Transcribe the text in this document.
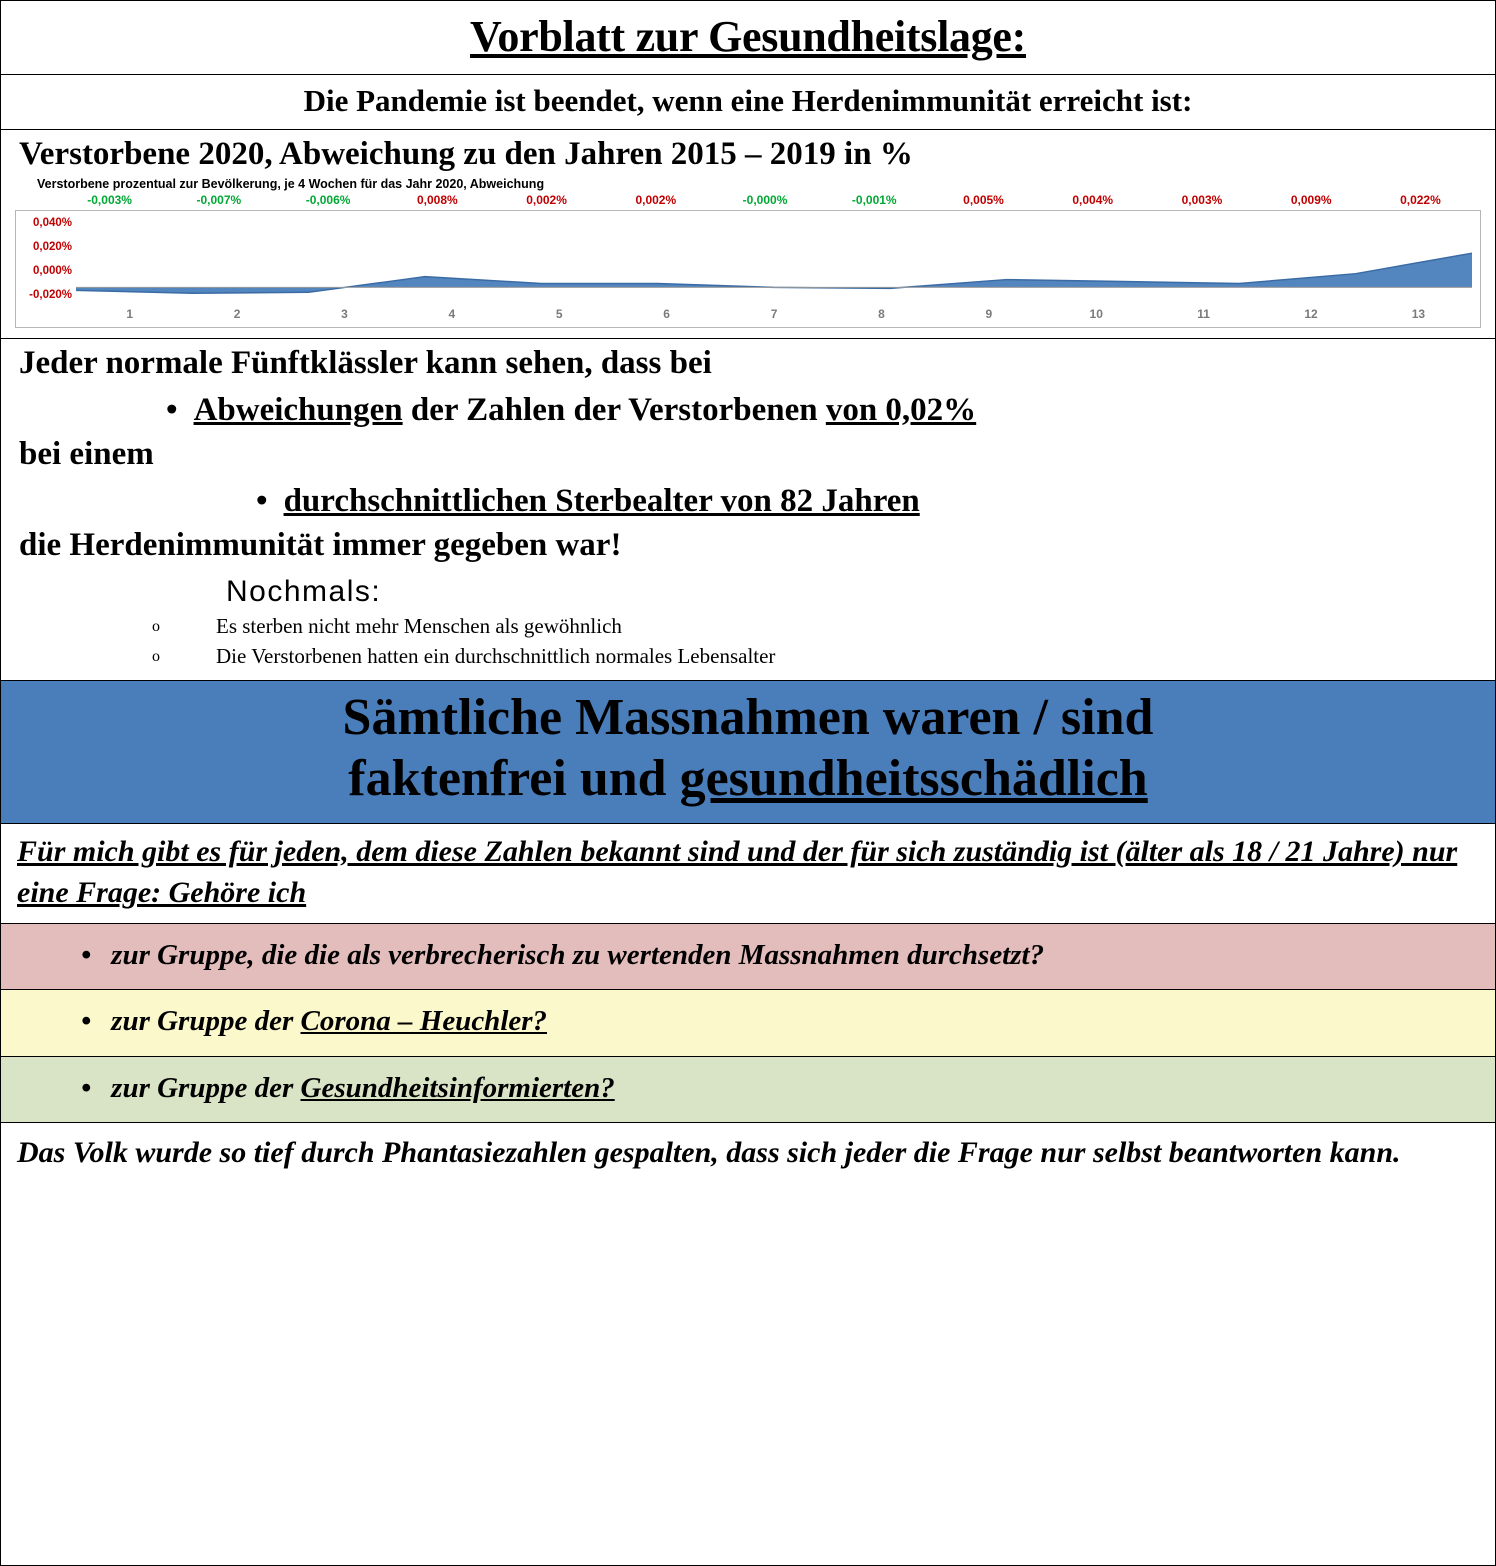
Vorblatt zur Gesundheitslage:
Die Pandemie ist beendet, wenn eine Herdenimmunität erreicht ist:
Verstorbene 2020, Abweichung zu den Jahren 2015 – 2019 in %
Verstorbene prozentual zur Bevölkerung, je 4 Wochen für das Jahr 2020, Abweichung
-0,003%	-0,007%	-0,006%	0,008%	0,002%	0,002%	-0,000%	-0,001%	0,005%	0,004%	0,003%	0,009%	0,022%
0,040%
0,020%
0,000%
-0,020%
1	2	3	4	5	6	7	8	9	10	11	12	13
Jeder normale Fünftklässler kann sehen, dass bei
• Abweichungen der Zahlen der Verstorbenen von 0,02%
bei einem
• durchschnittlichen Sterbealter von 82 Jahren
die Herdenimmunität immer gegeben war!
Nochmals:
o Es sterben nicht mehr Menschen als gewöhnlich
o Die Verstorbenen hatten ein durchschnittlich normales Lebensalter
Sämtliche Massnahmen waren / sind
faktenfrei und gesundheitsschädlich
Für mich gibt es für jeden, dem diese Zahlen bekannt sind und der für sich zuständig ist (älter als 18 / 21 Jahre) nur eine Frage: Gehöre ich
• zur Gruppe, die die als verbrecherisch zu wertenden Massnahmen durchsetzt?
• zur Gruppe der Corona – Heuchler?
• zur Gruppe der Gesundheitsinformierten?
Das Volk wurde so tief durch Phantasiezahlen gespalten, dass sich jeder die Frage nur selbst beantworten kann.
